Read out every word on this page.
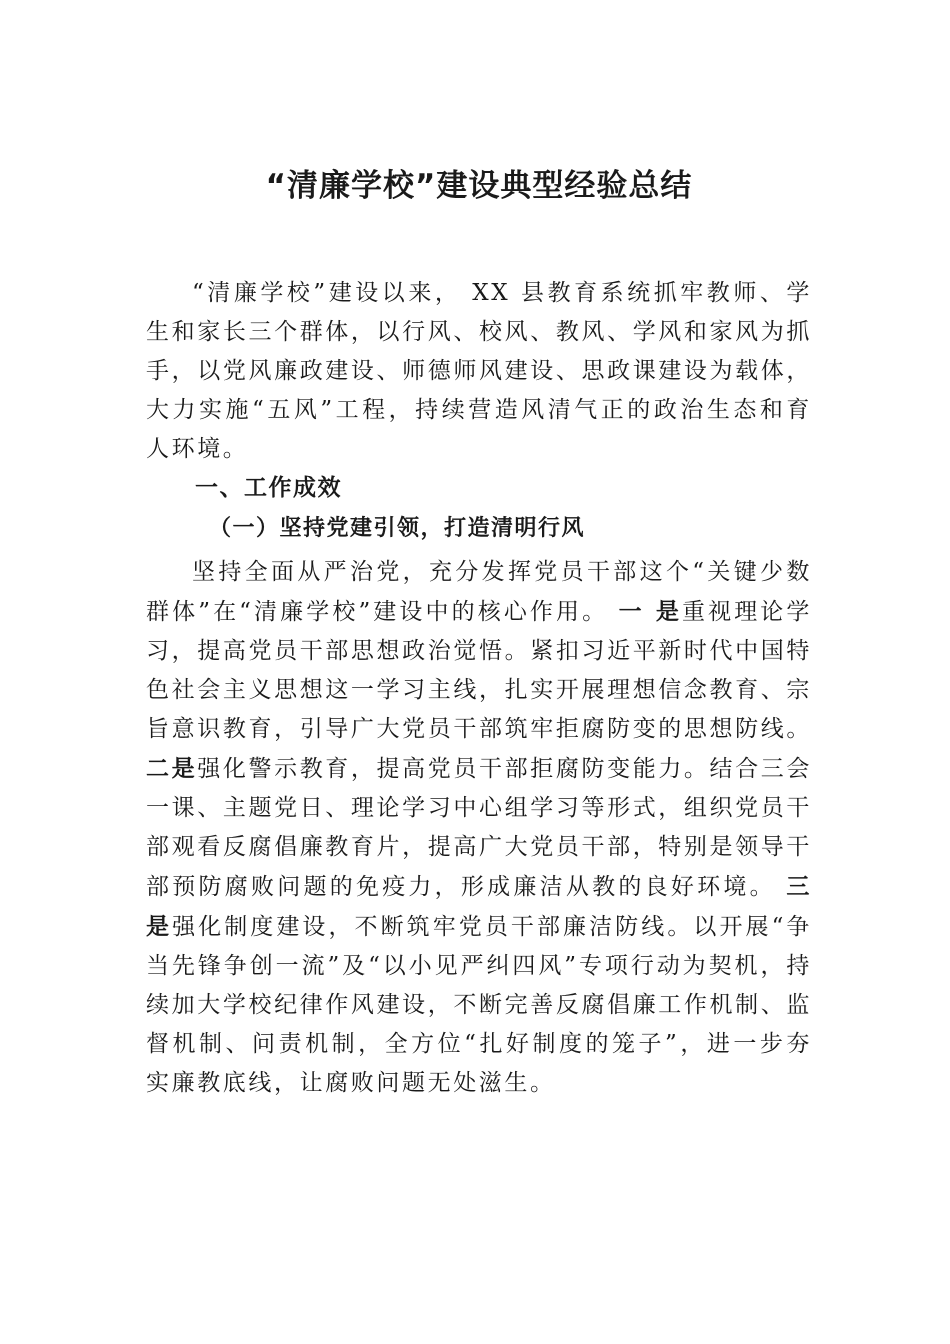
“清廉学校”建设典型经验总结

“清廉学校”建设以来， XX 县教育系统抓牢教师、学生和家长三个群体，以行风、校风、教风、学风和家风为抓手，以党风廉政建设、师德师风建设、思政课建设为载体，大力实施“五风”工程，持续营造风清气正的政治生态和育人环境。

一、工作成效
（一）坚持党建引领，打造清明行风

坚持全面从严治党，充分发挥党员干部这个“关键少数群体”在“清廉学校”建设中的核心作用。 一 是重视理论学习，提高党员干部思想政治觉悟。紧扣习近平新时代中国特色社会主义思想这一学习主线，扎实开展理想信念教育、宗旨意识教育，引导广大党员干部筑牢拒腐防变的思想防线。二是强化警示教育，提高党员干部拒腐防变能力。结合三会一课、主题党日、理论学习中心组学习等形式，组织党员干部观看反腐倡廉教育片，提高广大党员干部，特别是领导干部预防腐败问题的免疫力，形成廉洁从教的良好环境。 三是强化制度建设，不断筑牢党员干部廉洁防线。以开展“争当先锋争创一流”及“以小见严纠四风”专项行动为契机，持续加大学校纪律作风建设，不断完善反腐倡廉工作机制、监督机制、问责机制，全方位“扎好制度的笼子”，进一步夯实廉教底线，让腐败问题无处滋生。
